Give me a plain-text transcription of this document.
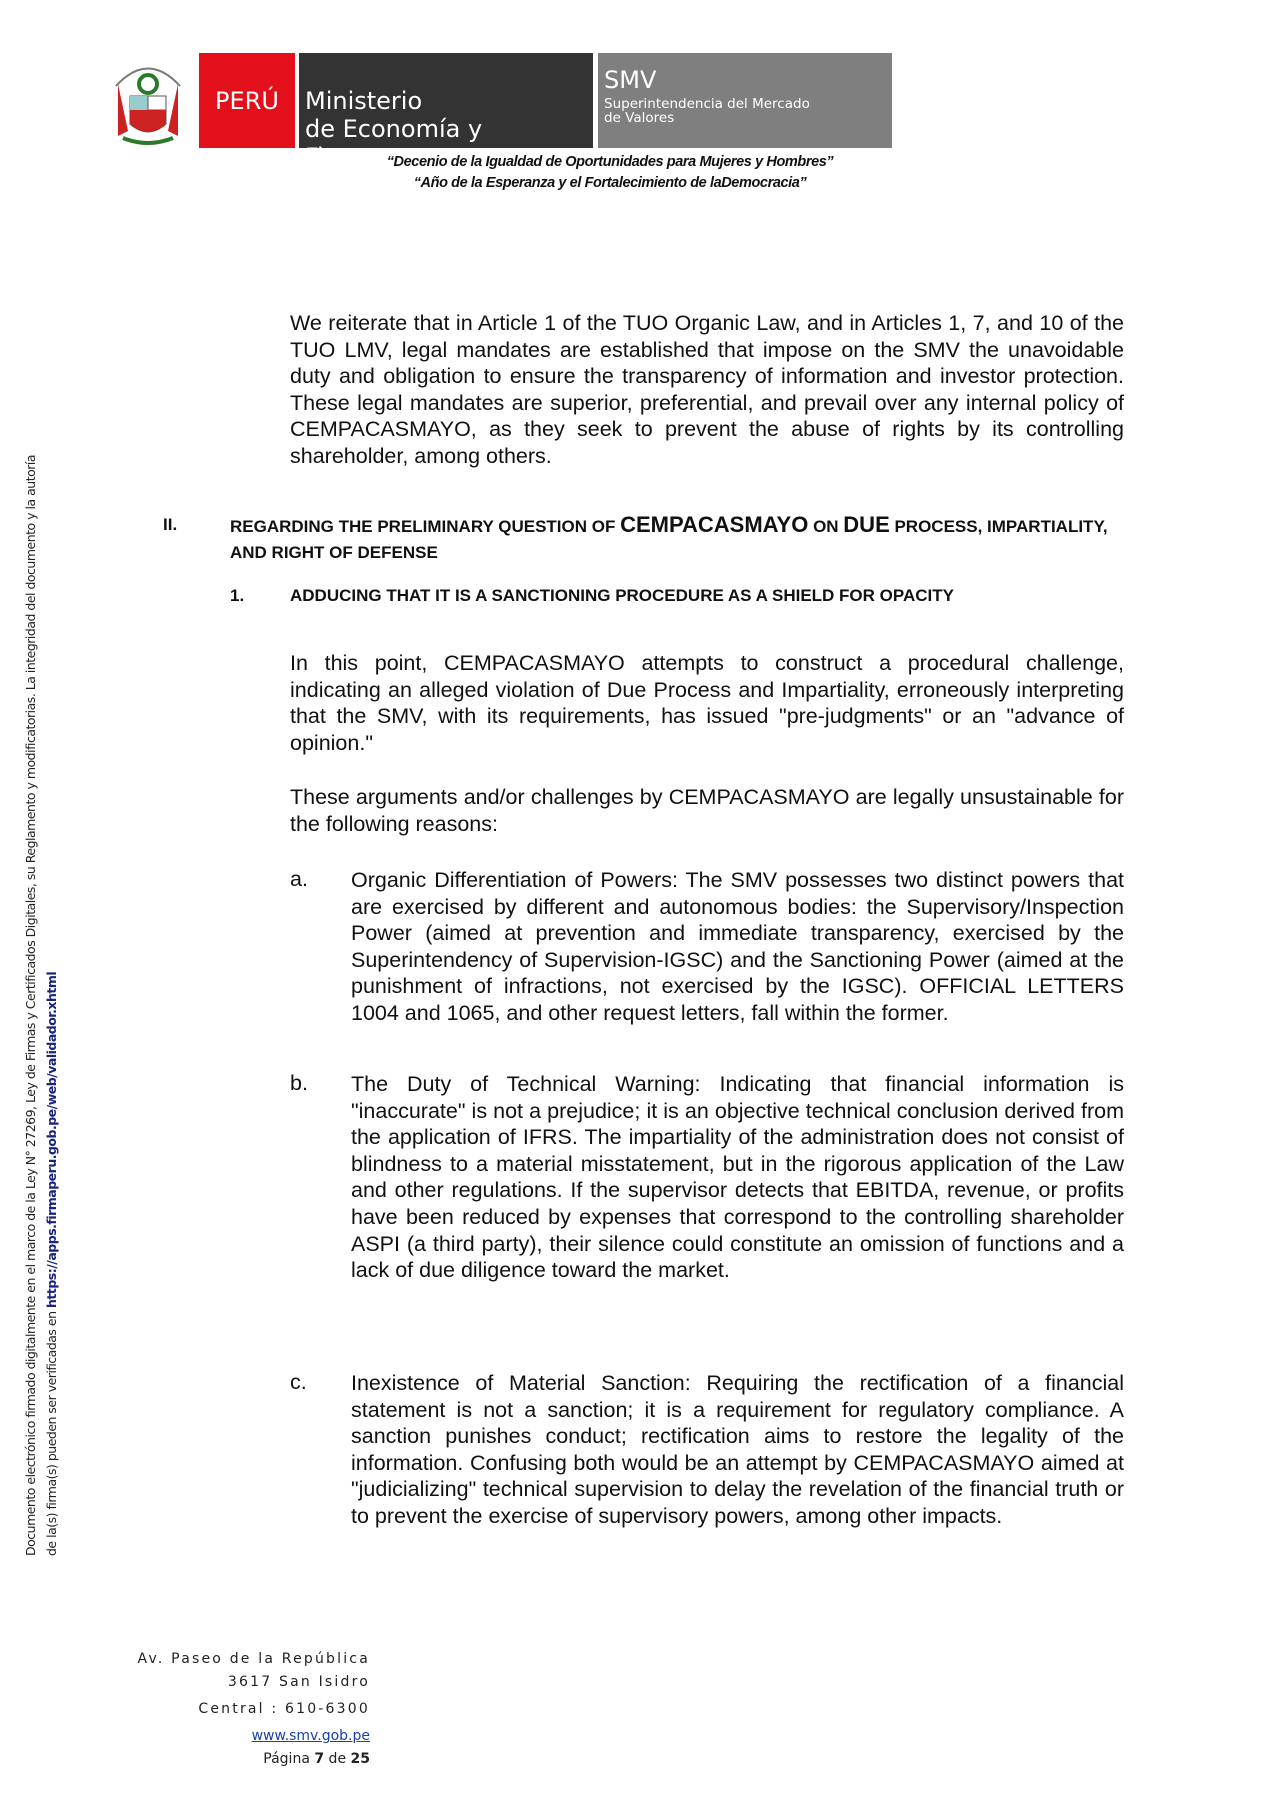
PERÚ Ministerio
de Economía y Finanzas
SMV
Superintendencia del Mercado
de Valores
“Decenio de la Igualdad de Oportunidades para Mujeres y Hombres”
“Año de la Esperanza y el Fortalecimiento de laDemocracia”
Documento electrónico firmado digitalmente en el marco de la Ley N° 27269, Ley de Firmas y Certificados Digitales, su Reglamento y modificatorias. La integridad del documento y la autoría de la(s) firma(s) pueden ser verificadas en https://apps.firmaperu.gob.pe/web/validador.xhtml
We reiterate that in Article 1 of the TUO Organic Law, and in Articles 1, 7, and 10 of the TUO LMV, legal mandates are established that impose on the SMV the unavoidable duty and obligation to ensure the transparency of information and investor protection. These legal mandates are superior, preferential, and prevail over any internal policy of CEMPACASMAYO, as they seek to prevent the abuse of rights by its controlling shareholder, among others.
II.	REGARDING THE PRELIMINARY QUESTION OF CEMPACASMAYO ON DUE PROCESS, IMPARTIALITY, AND RIGHT OF DEFENSE
1.	ADDUCING THAT IT IS A SANCTIONING PROCEDURE AS A SHIELD FOR OPACITY
In this point, CEMPACASMAYO attempts to construct a procedural challenge, indicating an alleged violation of Due Process and Impartiality, erroneously interpreting that the SMV, with its requirements, has issued "pre-judgments" or an "advance of opinion."
These arguments and/or challenges by CEMPACASMAYO are legally unsustainable for the following reasons:
a. Organic Differentiation of Powers: The SMV possesses two distinct powers that are exercised by different and autonomous bodies: the Supervisory/Inspection Power (aimed at prevention and immediate transparency, exercised by the Superintendency of Supervision-IGSC) and the Sanctioning Power (aimed at the punishment of infractions, not exercised by the IGSC). OFFICIAL LETTERS 1004 and 1065, and other request letters, fall within the former.
b. The Duty of Technical Warning: Indicating that financial information is "inaccurate" is not a prejudice; it is an objective technical conclusion derived from the application of IFRS. The impartiality of the administration does not consist of blindness to a material misstatement, but in the rigorous application of the Law and other regulations. If the supervisor detects that EBITDA, revenue, or profits have been reduced by expenses that correspond to the controlling shareholder ASPI (a third party), their silence could constitute an omission of functions and a lack of due diligence toward the market.
c. Inexistence of Material Sanction: Requiring the rectification of a financial statement is not a sanction; it is a requirement for regulatory compliance. A sanction punishes conduct; rectification aims to restore the legality of the information. Confusing both would be an attempt by CEMPACASMAYO aimed at "judicializing" technical supervision to delay the revelation of the financial truth or to prevent the exercise of supervisory powers, among other impacts.
Av. Paseo de la República
3617 San Isidro
Central : 610-6300
www.smv.gob.pe
Página 7 de 25
